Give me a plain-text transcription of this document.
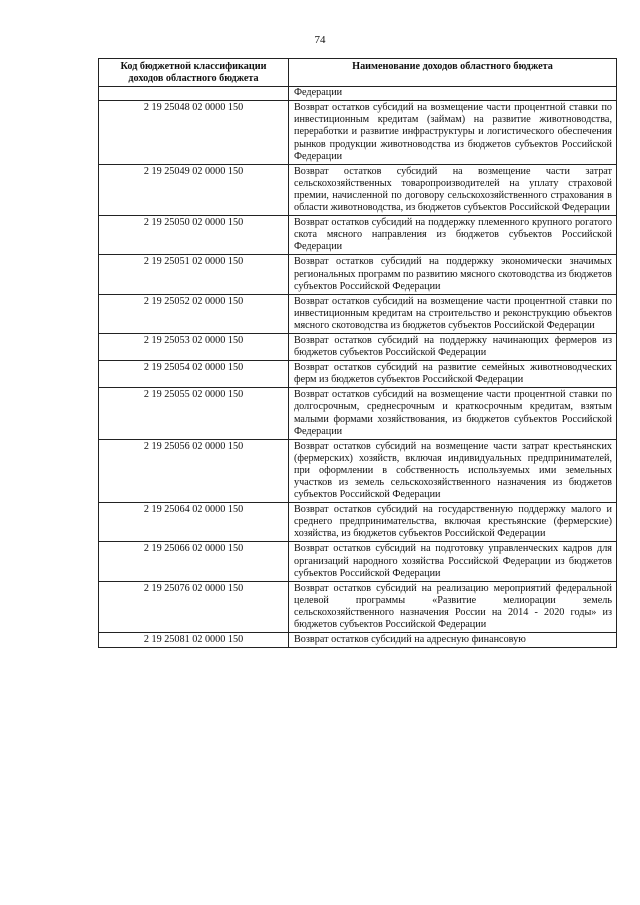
74
Код бюджетной классификации доходов областного бюджета	Наименование доходов областного бюджета
	Федерации
2 19 25048 02 0000 150	Возврат остатков субсидий на возмещение части процентной ставки по инвестиционным кредитам (займам) на развитие животноводства, переработки и развитие инфраструктуры и логистического обеспечения рынков продукции животноводства из бюджетов субъектов Российской Федерации
2 19 25049 02 0000 150	Возврат остатков субсидий на возмещение части затрат сельскохозяйственных товаропроизводителей на уплату страховой премии, начисленной по договору сельскохозяйственного страхования в области животноводства, из бюджетов субъектов Российской Федерации
2 19 25050 02 0000 150	Возврат остатков субсидий на поддержку племенного крупного рогатого скота мясного направления из бюджетов субъектов Российской Федерации
2 19 25051 02 0000 150	Возврат остатков субсидий на поддержку экономически значимых региональных программ по развитию мясного скотоводства из бюджетов субъектов Российской Федерации
2 19 25052 02 0000 150	Возврат остатков субсидий на возмещение части процентной ставки по инвестиционным кредитам на строительство и реконструкцию объектов мясного скотоводства из бюджетов субъектов Российской Федерации
2 19 25053 02 0000 150	Возврат остатков субсидий на поддержку начинающих фермеров из бюджетов субъектов Российской Федерации
2 19 25054 02 0000 150	Возврат остатков субсидий на развитие семейных животноводческих ферм из бюджетов субъектов Российской Федерации
2 19 25055 02 0000 150	Возврат остатков субсидий на возмещение части процентной ставки по долгосрочным, среднесрочным и краткосрочным кредитам, взятым малыми формами хозяйствования, из бюджетов субъектов Российской Федерации
2 19 25056 02 0000 150	Возврат остатков субсидий на возмещение части затрат крестьянских (фермерских) хозяйств, включая индивидуальных предпринимателей, при оформлении в собственность используемых ими земельных участков из земель сельскохозяйственного назначения из бюджетов субъектов Российской Федерации
2 19 25064 02 0000 150	Возврат остатков субсидий на государственную поддержку малого и среднего предпринимательства, включая крестьянские (фермерские) хозяйства, из бюджетов субъектов Российской Федерации
2 19 25066 02 0000 150	Возврат остатков субсидий на подготовку управленческих кадров для организаций народного хозяйства Российской Федерации из бюджетов субъектов Российской Федерации
2 19 25076 02 0000 150	Возврат остатков субсидий на реализацию мероприятий федеральной целевой программы «Развитие мелиорации земель сельскохозяйственного назначения России на 2014 - 2020 годы» из бюджетов субъектов Российской Федерации
2 19 25081 02 0000 150	Возврат остатков субсидий на адресную финансовую
